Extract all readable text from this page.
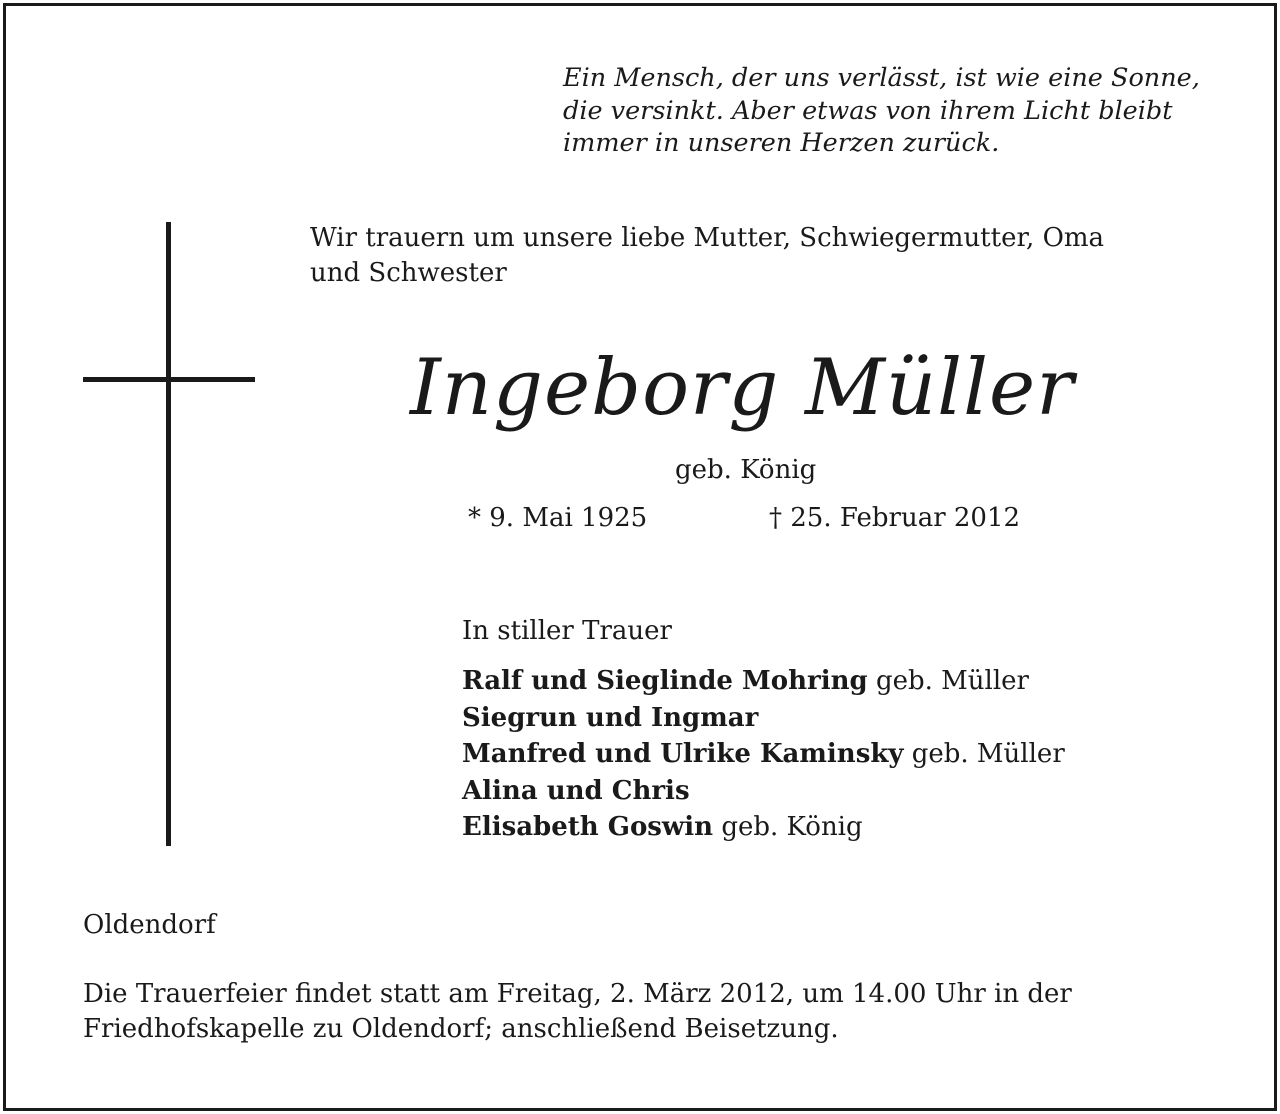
Ein Mensch, der uns verlässt, ist wie eine Sonne,
die versinkt. Aber etwas von ihrem Licht bleibt
immer in unseren Herzen zurück.
Wir trauern um unsere liebe Mutter, Schwiegermutter, Oma
und Schwester
Ingeborg Müller
geb. König
* 9. Mai 1925	† 25. Februar 2012
In stiller Trauer
Ralf und Sieglinde Mohring geb. Müller
Siegrun und Ingmar
Manfred und Ulrike Kaminsky geb. Müller
Alina und Chris
Elisabeth Goswin geb. König
Oldendorf
Die Trauerfeier findet statt am Freitag, 2. März 2012, um 14.00 Uhr in der
Friedhofskapelle zu Oldendorf; anschließend Beisetzung.
